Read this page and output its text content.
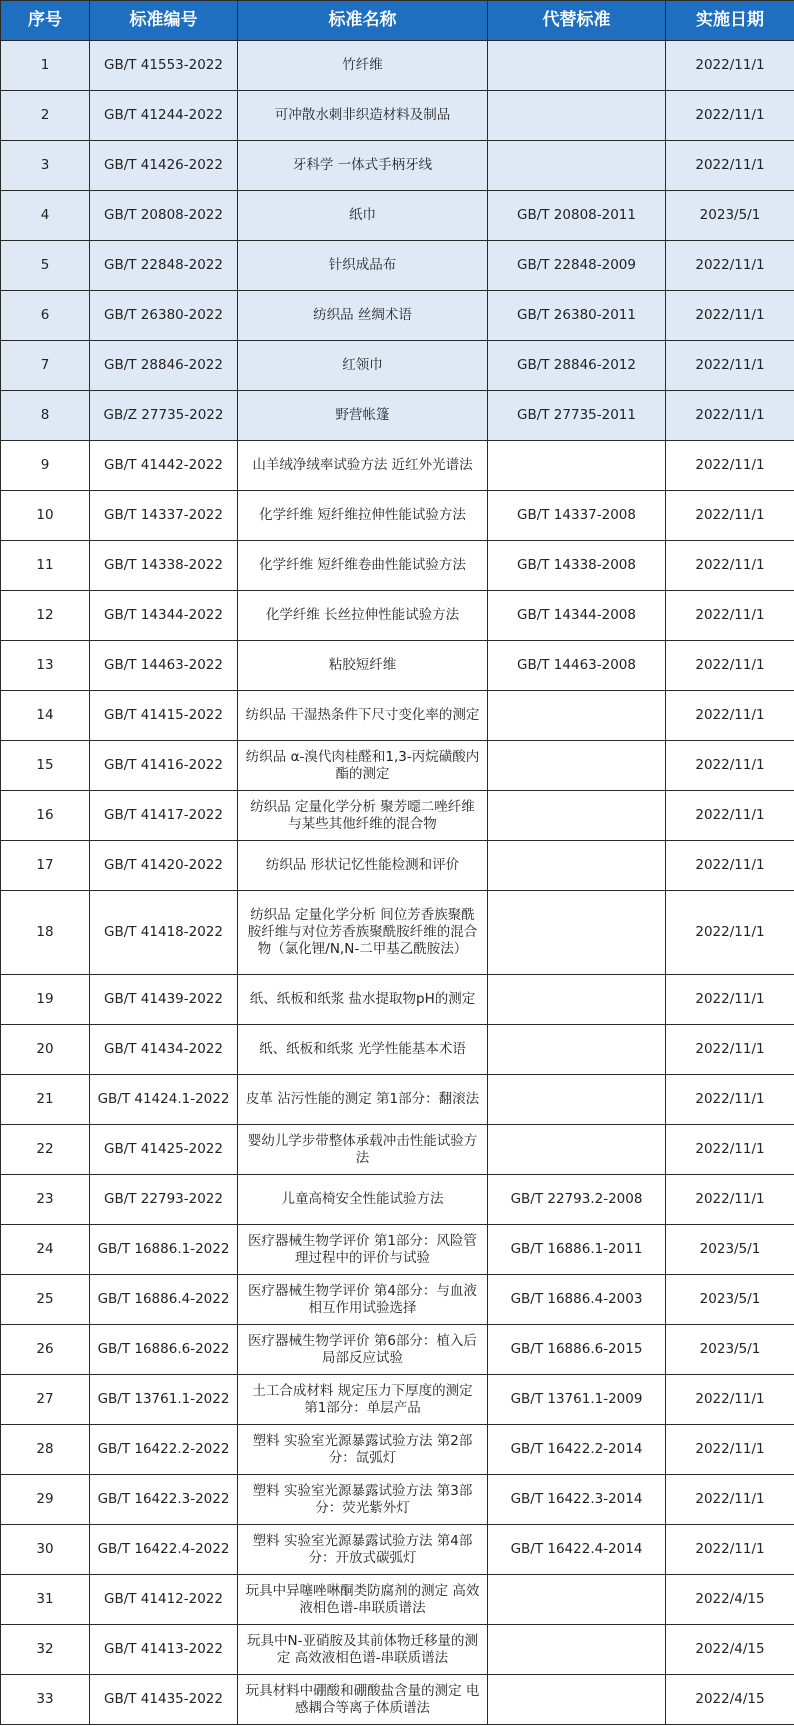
序号	标准编号	标准名称	代替标准	实施日期
1	GB/T 41553-2022	竹纤维		2022/11/1
2	GB/T 41244-2022	可冲散水刺非织造材料及制品		2022/11/1
3	GB/T 41426-2022	牙科学 一体式手柄牙线		2022/11/1
4	GB/T 20808-2022	纸巾	GB/T 20808-2011	2023/5/1
5	GB/T 22848-2022	针织成品布	GB/T 22848-2009	2022/11/1
6	GB/T 26380-2022	纺织品 丝绸术语	GB/T 26380-2011	2022/11/1
7	GB/T 28846-2022	红领巾	GB/T 28846-2012	2022/11/1
8	GB/Z 27735-2022	野营帐篷	GB/T 27735-2011	2022/11/1
9	GB/T 41442-2022	山羊绒净绒率试验方法 近红外光谱法		2022/11/1
10	GB/T 14337-2022	化学纤维 短纤维拉伸性能试验方法	GB/T 14337-2008	2022/11/1
11	GB/T 14338-2022	化学纤维 短纤维卷曲性能试验方法	GB/T 14338-2008	2022/11/1
12	GB/T 14344-2022	化学纤维 长丝拉伸性能试验方法	GB/T 14344-2008	2022/11/1
13	GB/T 14463-2022	粘胶短纤维	GB/T 14463-2008	2022/11/1
14	GB/T 41415-2022	纺织品 干湿热条件下尺寸变化率的测定		2022/11/1
15	GB/T 41416-2022	纺织品 α-溴代肉桂醛和1,3-丙烷磺酸内酯的测定		2022/11/1
16	GB/T 41417-2022	纺织品 定量化学分析 聚芳噁二唑纤维与某些其他纤维的混合物		2022/11/1
17	GB/T 41420-2022	纺织品 形状记忆性能检测和评价		2022/11/1
18	GB/T 41418-2022	纺织品 定量化学分析 间位芳香族聚酰胺纤维与对位芳香族聚酰胺纤维的混合物（氯化锂/N,N-二甲基乙酰胺法）		2022/11/1
19	GB/T 41439-2022	纸、纸板和纸浆 盐水提取物pH的测定		2022/11/1
20	GB/T 41434-2022	纸、纸板和纸浆 光学性能基本术语		2022/11/1
21	GB/T 41424.1-2022	皮革 沾污性能的测定 第1部分：翻滚法		2022/11/1
22	GB/T 41425-2022	婴幼儿学步带整体承载冲击性能试验方法		2022/11/1
23	GB/T 22793-2022	儿童高椅安全性能试验方法	GB/T 22793.2-2008	2022/11/1
24	GB/T 16886.1-2022	医疗器械生物学评价 第1部分：风险管理过程中的评价与试验	GB/T 16886.1-2011	2023/5/1
25	GB/T 16886.4-2022	医疗器械生物学评价 第4部分：与血液相互作用试验选择	GB/T 16886.4-2003	2023/5/1
26	GB/T 16886.6-2022	医疗器械生物学评价 第6部分：植入后局部反应试验	GB/T 16886.6-2015	2023/5/1
27	GB/T 13761.1-2022	土工合成材料 规定压力下厚度的测定 第1部分：单层产品	GB/T 13761.1-2009	2022/11/1
28	GB/T 16422.2-2022	塑料 实验室光源暴露试验方法 第2部分：氙弧灯	GB/T 16422.2-2014	2022/11/1
29	GB/T 16422.3-2022	塑料 实验室光源暴露试验方法 第3部分：荧光紫外灯	GB/T 16422.3-2014	2022/11/1
30	GB/T 16422.4-2022	塑料 实验室光源暴露试验方法 第4部分：开放式碳弧灯	GB/T 16422.4-2014	2022/11/1
31	GB/T 41412-2022	玩具中异噻唑啉酮类防腐剂的测定 高效液相色谱-串联质谱法		2022/4/15
32	GB/T 41413-2022	玩具中N-亚硝胺及其前体物迁移量的测定 高效液相色谱-串联质谱法		2022/4/15
33	GB/T 41435-2022	玩具材料中硼酸和硼酸盐含量的测定 电感耦合等离子体质谱法		2022/4/15
